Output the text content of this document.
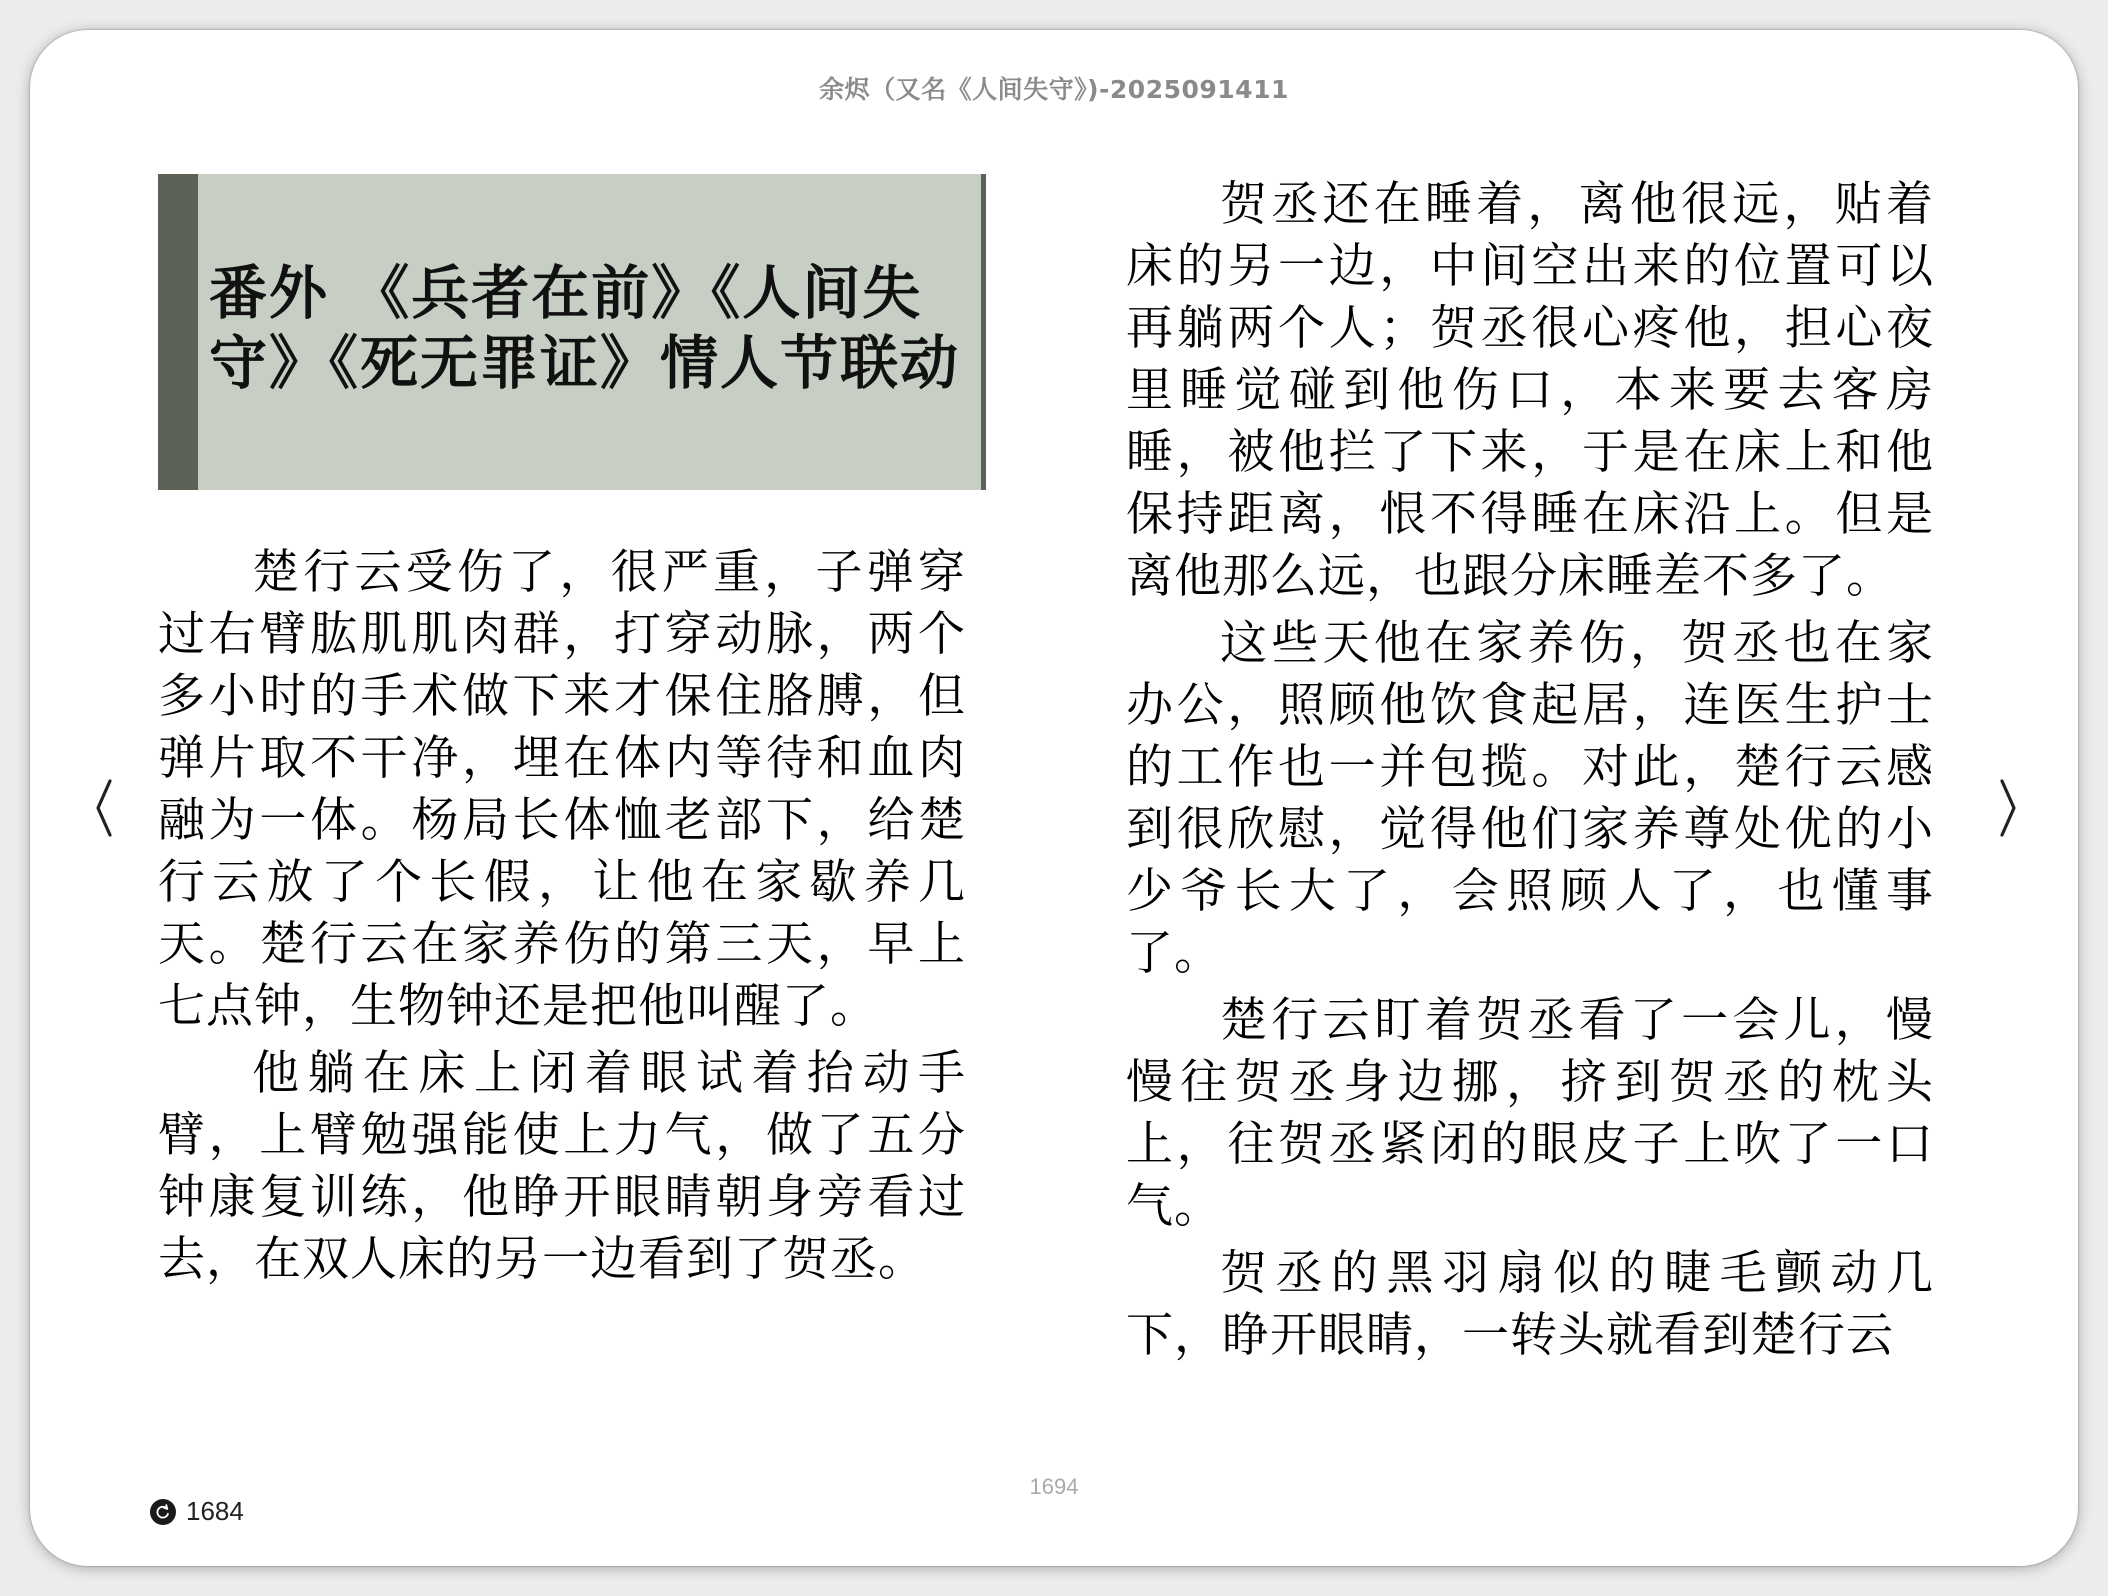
余烬（又名《人间失守》)-2025091411
番外 《兵者在前》《人间失守》《死无罪证》情人节联动

楚行云受伤了，很严重，子弹穿过右臂肱肌肌肉群，打穿动脉，两个多小时的手术做下来才保住胳膊，但弹片取不干净，埋在体内等待和血肉融为一体。杨局长体恤老部下，给楚行云放了个长假，让他在家歇养几天。楚行云在家养伤的第三天，早上七点钟，生物钟还是把他叫醒了。

他躺在床上闭着眼试着抬动手臂，上臂勉强能使上力气，做了五分钟康复训练，他睁开眼睛朝身旁看过去，在双人床的另一边看到了贺丞。

贺丞还在睡着，离他很远，贴着床的另一边，中间空出来的位置可以再躺两个人；贺丞很心疼他，担心夜里睡觉碰到他伤口，本来要去客房睡，被他拦了下来，于是在床上和他保持距离，恨不得睡在床沿上。但是离他那么远，也跟分床睡差不多了。

这些天他在家养伤，贺丞也在家办公，照顾他饮食起居，连医生护士的工作也一并包揽。对此，楚行云感到很欣慰，觉得他们家养尊处优的小少爷长大了，会照顾人了，也懂事了。

楚行云盯着贺丞看了一会儿，慢慢往贺丞身边挪，挤到贺丞的枕头上，往贺丞紧闭的眼皮子上吹了一口气。

贺丞的黑羽扇似的睫毛颤动几下，睁开眼睛，一转头就看到楚行云

1684
1694
